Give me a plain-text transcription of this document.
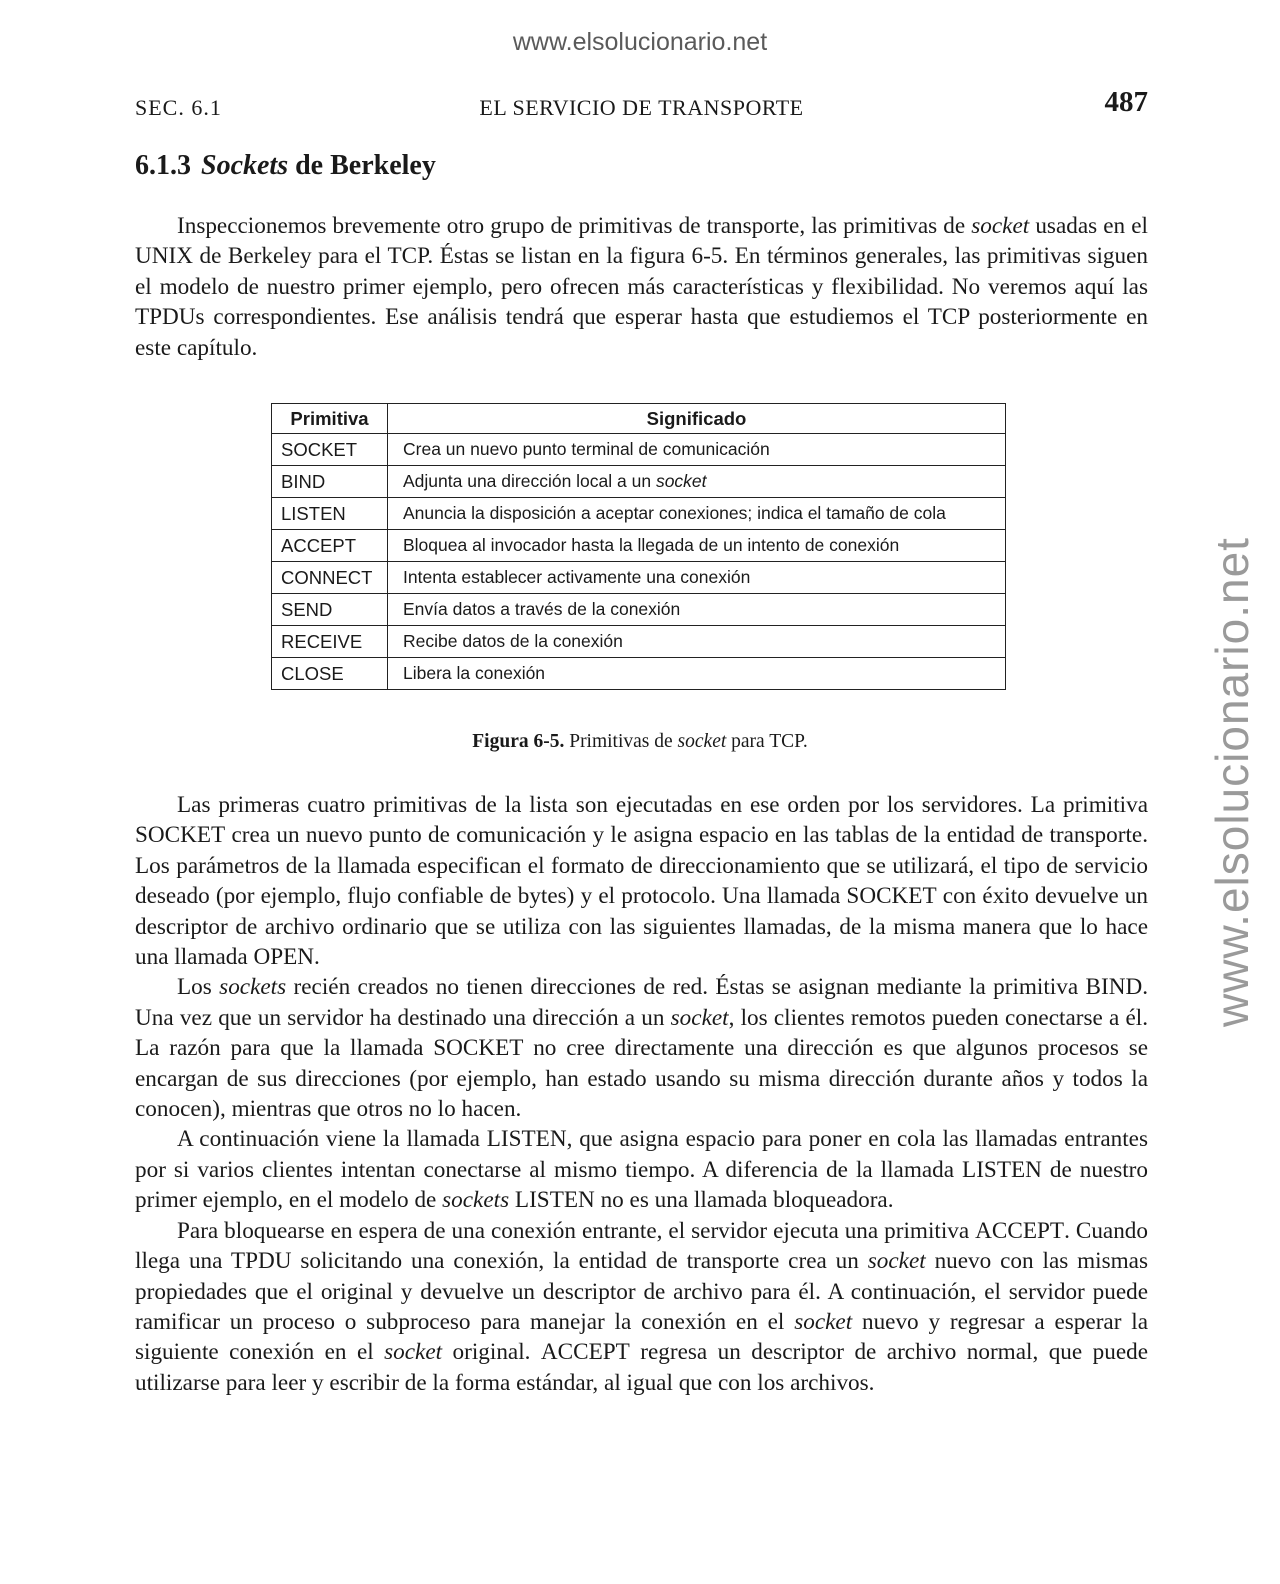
www.elsolucionario.net
www.elsolucionario.net
SEC. 6.1	EL SERVICIO DE TRANSPORTE	487
6.1.3 Sockets de Berkeley

Inspeccionemos brevemente otro grupo de primitivas de transporte, las primitivas de socket usadas en el UNIX de Berkeley para el TCP. Éstas se listan en la figura 6-5. En términos generales, las primitivas siguen el modelo de nuestro primer ejemplo, pero ofrecen más características y flexibilidad. No veremos aquí las TPDUs correspondientes. Ese análisis tendrá que esperar hasta que estudiemos el TCP posteriormente en este capítulo.

Primitiva	Significado
SOCKET	Crea un nuevo punto terminal de comunicación
BIND	Adjunta una dirección local a un socket
LISTEN	Anuncia la disposición a aceptar conexiones; indica el tamaño de cola
ACCEPT	Bloquea al invocador hasta la llegada de un intento de conexión
CONNECT	Intenta establecer activamente una conexión
SEND	Envía datos a través de la conexión
RECEIVE	Recibe datos de la conexión
CLOSE	Libera la conexión
Figura 6-5. Primitivas de socket para TCP.

Las primeras cuatro primitivas de la lista son ejecutadas en ese orden por los servidores. La primitiva SOCKET crea un nuevo punto de comunicación y le asigna espacio en las tablas de la entidad de transporte. Los parámetros de la llamada especifican el formato de direccionamiento que se utilizará, el tipo de servicio deseado (por ejemplo, flujo confiable de bytes) y el protocolo. Una llamada SOCKET con éxito devuelve un descriptor de archivo ordinario que se utiliza con las siguientes llamadas, de la misma manera que lo hace una llamada OPEN.

Los sockets recién creados no tienen direcciones de red. Éstas se asignan mediante la primitiva BIND. Una vez que un servidor ha destinado una dirección a un socket, los clientes remotos pueden conectarse a él. La razón para que la llamada SOCKET no cree directamente una dirección es que algunos procesos se encargan de sus direcciones (por ejemplo, han estado usando su misma dirección durante años y todos la conocen), mientras que otros no lo hacen.

A continuación viene la llamada LISTEN, que asigna espacio para poner en cola las llamadas entrantes por si varios clientes intentan conectarse al mismo tiempo. A diferencia de la llamada LISTEN de nuestro primer ejemplo, en el modelo de sockets LISTEN no es una llamada bloqueadora.

Para bloquearse en espera de una conexión entrante, el servidor ejecuta una primitiva ACCEPT. Cuando llega una TPDU solicitando una conexión, la entidad de transporte crea un socket nuevo con las mismas propiedades que el original y devuelve un descriptor de archivo para él. A continuación, el servidor puede ramificar un proceso o subproceso para manejar la conexión en el socket nuevo y regresar a esperar la siguiente conexión en el socket original. ACCEPT regresa un descriptor de archivo normal, que puede utilizarse para leer y escribir de la forma estándar, al igual que con los archivos.
